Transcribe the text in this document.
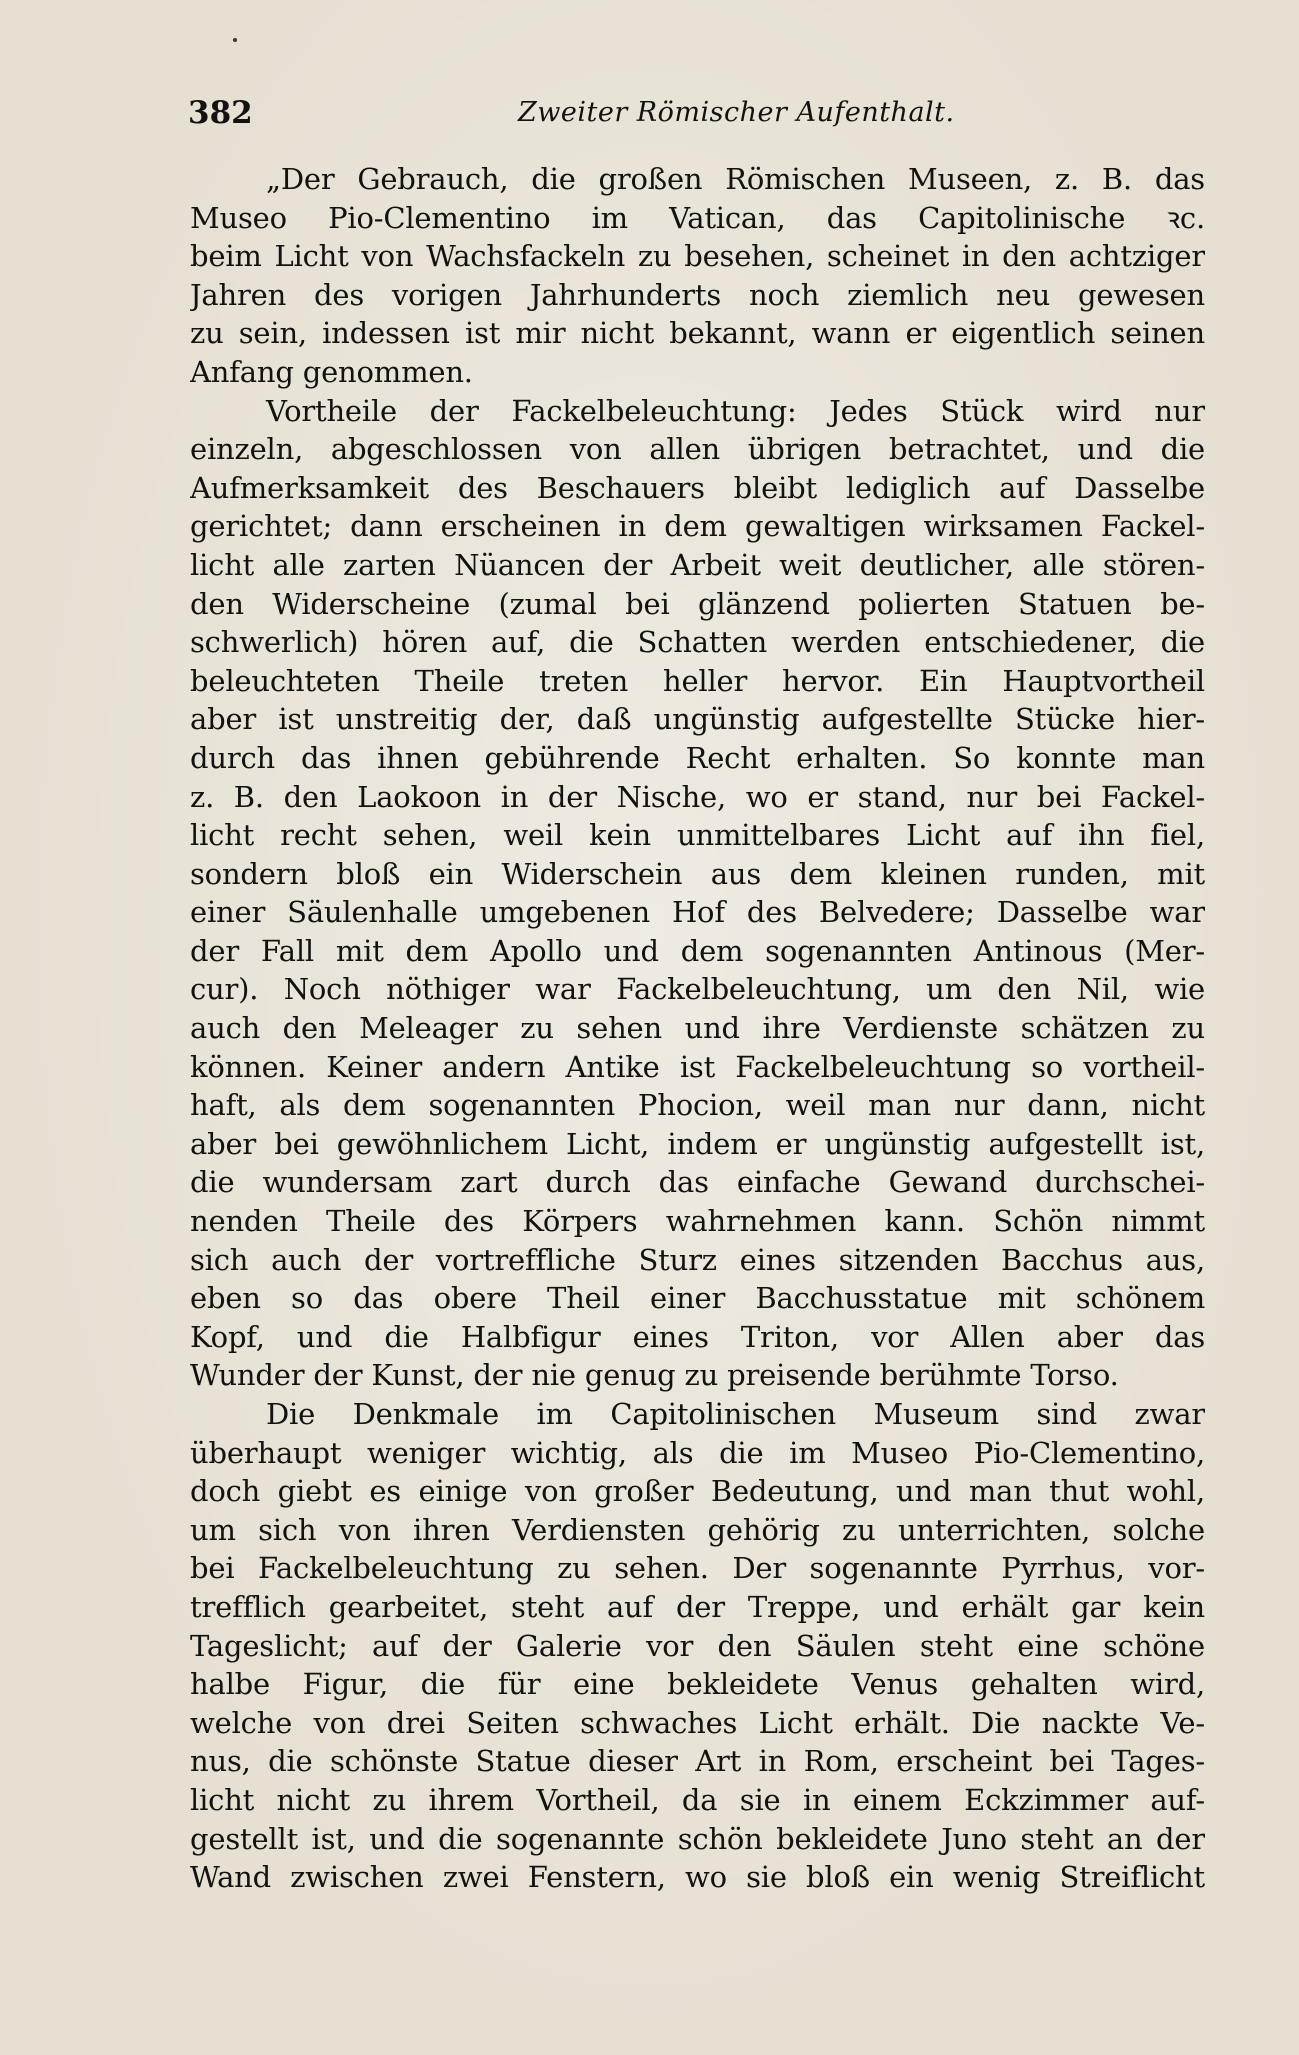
382	Zweiter Römischer Aufenthalt.
„Der Gebrauch, die großen Römischen Museen, z. B. das
Museo Pio-Clementino im Vatican, das Capitolinische ꝛc.
beim Licht von Wachsfackeln zu besehen, scheinet in den achtziger
Jahren des vorigen Jahrhunderts noch ziemlich neu gewesen
zu sein, indessen ist mir nicht bekannt, wann er eigentlich seinen
Anfang genommen.
Vortheile der Fackelbeleuchtung: Jedes Stück wird nur
einzeln, abgeschlossen von allen übrigen betrachtet, und die
Aufmerksamkeit des Beschauers bleibt lediglich auf Dasselbe
gerichtet; dann erscheinen in dem gewaltigen wirksamen Fackel-
licht alle zarten Nüancen der Arbeit weit deutlicher, alle stören-
den Widerscheine (zumal bei glänzend polierten Statuen be-
schwerlich) hören auf, die Schatten werden entschiedener, die
beleuchteten Theile treten heller hervor. Ein Hauptvortheil
aber ist unstreitig der, daß ungünstig aufgestellte Stücke hier-
durch das ihnen gebührende Recht erhalten. So konnte man
z. B. den Laokoon in der Nische, wo er stand, nur bei Fackel-
licht recht sehen, weil kein unmittelbares Licht auf ihn fiel,
sondern bloß ein Widerschein aus dem kleinen runden, mit
einer Säulenhalle umgebenen Hof des Belvedere; Dasselbe war
der Fall mit dem Apollo und dem sogenannten Antinous (Mer-
cur). Noch nöthiger war Fackelbeleuchtung, um den Nil, wie
auch den Meleager zu sehen und ihre Verdienste schätzen zu
können. Keiner andern Antike ist Fackelbeleuchtung so vortheil-
haft, als dem sogenannten Phocion, weil man nur dann, nicht
aber bei gewöhnlichem Licht, indem er ungünstig aufgestellt ist,
die wundersam zart durch das einfache Gewand durchschei-
nenden Theile des Körpers wahrnehmen kann. Schön nimmt
sich auch der vortreffliche Sturz eines sitzenden Bacchus aus,
eben so das obere Theil einer Bacchusstatue mit schönem
Kopf, und die Halbfigur eines Triton, vor Allen aber das
Wunder der Kunst, der nie genug zu preisende berühmte Torso.
Die Denkmale im Capitolinischen Museum sind zwar
überhaupt weniger wichtig, als die im Museo Pio-Clementino,
doch giebt es einige von großer Bedeutung, und man thut wohl,
um sich von ihren Verdiensten gehörig zu unterrichten, solche
bei Fackelbeleuchtung zu sehen. Der sogenannte Pyrrhus, vor-
trefflich gearbeitet, steht auf der Treppe, und erhält gar kein
Tageslicht; auf der Galerie vor den Säulen steht eine schöne
halbe Figur, die für eine bekleidete Venus gehalten wird,
welche von drei Seiten schwaches Licht erhält. Die nackte Ve-
nus, die schönste Statue dieser Art in Rom, erscheint bei Tages-
licht nicht zu ihrem Vortheil, da sie in einem Eckzimmer auf-
gestellt ist, und die sogenannte schön bekleidete Juno steht an der
Wand zwischen zwei Fenstern, wo sie bloß ein wenig Streiflicht
